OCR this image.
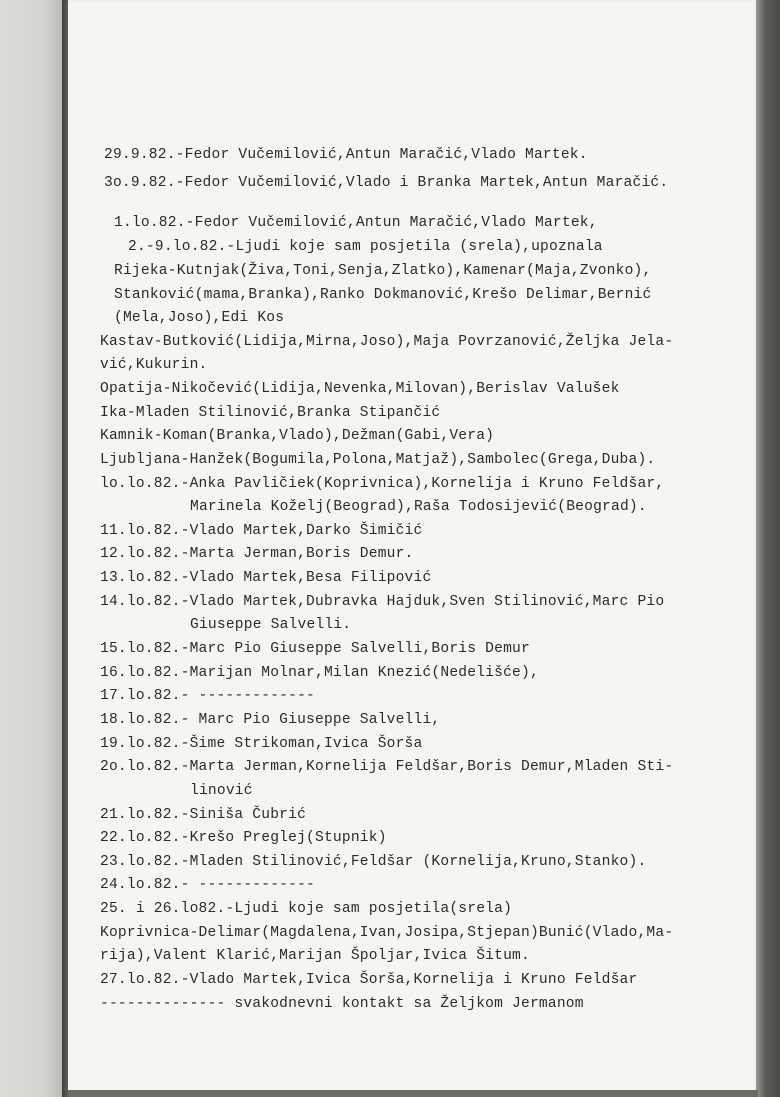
29.9.82.-Fedor Vučemilović,Antun Maračić,Vlado Martek.
3o.9.82.-Fedor Vučemilović,Vlado i Branka Martek,Antun Maračić.
1.lo.82.-Fedor Vučemilović,Antun Maračić,Vlado Martek,
2.-9.lo.82.-Ljudi koje sam posjetila (srela),upoznala
Rijeka-Kutnjak(Živa,Toni,Senja,Zlatko),Kamenar(Maja,Zvonko),
Stanković(mama,Branka),Ranko Dokmanović,Krešo Delimar,Bernić
(Mela,Joso),Edi Kos
Kastav-Butković(Lidija,Mirna,Joso),Maja Povrzanović,Željka Jela-
vić,Kukurin.
Opatija-Nikočević(Lidija,Nevenka,Milovan),Berislav Valušek
Ika-Mladen Stilinović,Branka Stipančić
Kamnik-Koman(Branka,Vlado),Dežman(Gabi,Vera)
Ljubljana-Hanžek(Bogumila,Polona,Matjaž),Sambolec(Grega,Duba).
lo.lo.82.-Anka Pavličiek(Koprivnica),Kornelija i Kruno Feldšar,
Marinela Koželj(Beograd),Raša Todosijević(Beograd).
11.lo.82.-Vlado Martek,Darko Šimičić
12.lo.82.-Marta Jerman,Boris Demur.
13.lo.82.-Vlado Martek,Besa Filipović
14.lo.82.-Vlado Martek,Dubravka Hajduk,Sven Stilinović,Marc Pio
Giuseppe Salvelli.
15.lo.82.-Marc Pio Giuseppe Salvelli,Boris Demur
16.lo.82.-Marijan Molnar,Milan Knezić(Nedelišće),
17.lo.82.- -------------
18.lo.82.- Marc Pio Giuseppe Salvelli,
19.lo.82.-Šime Strikoman,Ivica Šorša
2o.lo.82.-Marta Jerman,Kornelija Feldšar,Boris Demur,Mladen Sti-
linović
21.lo.82.-Siniša Čubrić
22.lo.82.-Krešo Preglej(Stupnik)
23.lo.82.-Mladen Stilinović,Feldšar (Kornelija,Kruno,Stanko).
24.lo.82.- -------------
25. i 26.lo82.-Ljudi koje sam posjetila(srela)
Koprivnica-Delimar(Magdalena,Ivan,Josipa,Stjepan)Bunić(Vlado,Ma-
rija),Valent Klarić,Marijan Špoljar,Ivica Šitum.
27.lo.82.-Vlado Martek,Ivica Šorša,Kornelija i Kruno Feldšar
-------------- svakodnevni kontakt sa Željkom Jermanom
